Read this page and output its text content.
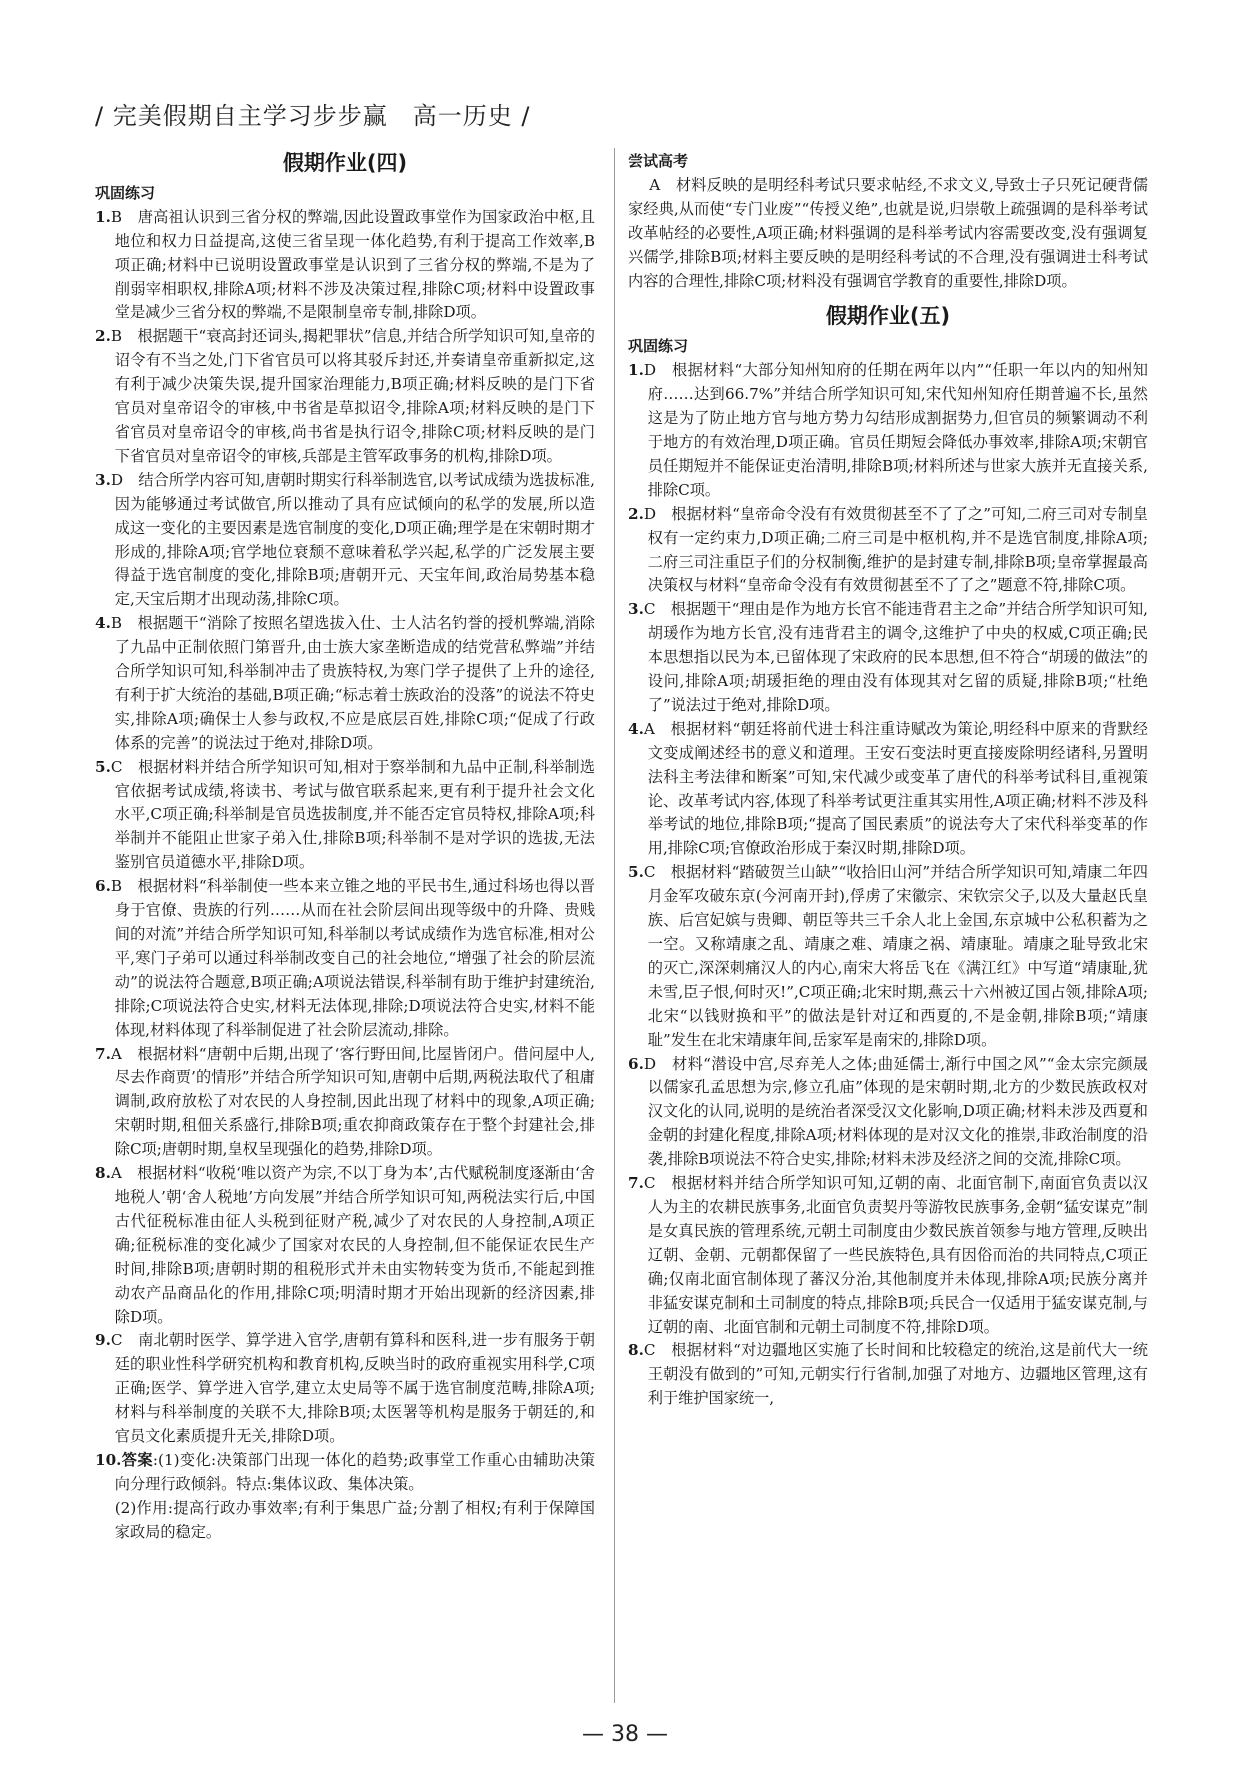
/ 完美假期自主学习步步赢　高一历史 /
假期作业(四)
巩固练习

1.B　唐高祖认识到三省分权的弊端,因此设置政事堂作为国家政治中枢,且地位和权力日益提高,这使三省呈现一体化趋势,有利于提高工作效率,B项正确;材料中已说明设置政事堂是认识到了三省分权的弊端,不是为了削弱宰相职权,排除A项;材料不涉及决策过程,排除C项;材料中设置政事堂是减少三省分权的弊端,不是限制皇帝专制,排除D项。

2.B　根据题干“衰高封还词头,揭耙罪状”信息,并结合所学知识可知,皇帝的诏令有不当之处,门下省官员可以将其驳斥封还,并奏请皇帝重新拟定,这有利于减少决策失误,提升国家治理能力,B项正确;材料反映的是门下省官员对皇帝诏令的审核,中书省是草拟诏令,排除A项;材料反映的是门下省官员对皇帝诏令的审核,尚书省是执行诏令,排除C项;材料反映的是门下省官员对皇帝诏令的审核,兵部是主管军政事务的机构,排除D项。

3.D　结合所学内容可知,唐朝时期实行科举制选官,以考试成绩为选拔标准,因为能够通过考试做官,所以推动了具有应试倾向的私学的发展,所以造成这一变化的主要因素是选官制度的变化,D项正确;理学是在宋朝时期才形成的,排除A项;官学地位衰颓不意味着私学兴起,私学的广泛发展主要得益于选官制度的变化,排除B项;唐朝开元、天宝年间,政治局势基本稳定,天宝后期才出现动荡,排除C项。

4.B　根据题干“消除了按照名望选拔入仕、士人沽名钓誉的授机弊端,消除了九品中正制依照门第晋升,由士族大家垄断造成的结党营私弊端”并结合所学知识可知,科举制冲击了贵族特权,为寒门学子提供了上升的途径,有利于扩大统治的基础,B项正确;“标志着士族政治的没落”的说法不符史实,排除A项;确保士人参与政权,不应是底层百姓,排除C项;“促成了行政体系的完善”的说法过于绝对,排除D项。

5.C　根据材料并结合所学知识可知,相对于察举制和九品中正制,科举制选官依据考试成绩,将读书、考试与做官联系起来,更有利于提升社会文化水平,C项正确;科举制是官员选拔制度,并不能否定官员特权,排除A项;科举制并不能阻止世家子弟入仕,排除B项;科举制不是对学识的选拔,无法鉴别官员道德水平,排除D项。

6.B　根据材料“科举制使一些本来立锥之地的平民书生,通过科场也得以晋身于官僚、贵族的行列……从而在社会阶层间出现等级中的升降、贵贱间的对流”并结合所学知识可知,科举制以考试成绩作为选官标准,相对公平,寒门子弟可以通过科举制改变自己的社会地位,“增强了社会的阶层流动”的说法符合题意,B项正确;A项说法错误,科举制有助于维护封建统治,排除;C项说法符合史实,材料无法体现,排除;D项说法符合史实,材料不能体现,材料体现了科举制促进了社会阶层流动,排除。

7.A　根据材料“唐朝中后期,出现了‘客行野田间,比屋皆闭户。借问屋中人,尽去作商贾’的情形”并结合所学知识可知,唐朝中后期,两税法取代了租庸调制,政府放松了对农民的人身控制,因此出现了材料中的现象,A项正确;宋朝时期,租佃关系盛行,排除B项;重农抑商政策存在于整个封建社会,排除C项;唐朝时期,皇权呈现强化的趋势,排除D项。

8.A　根据材料“收税‘唯以资产为宗,不以丁身为本’,古代赋税制度逐渐由‘舍地税人’朝‘舍人税地’方向发展”并结合所学知识可知,两税法实行后,中国古代征税标准由征人头税到征财产税,减少了对农民的人身控制,A项正确;征税标准的变化减少了国家对农民的人身控制,但不能保证农民生产时间,排除B项;唐朝时期的租税形式并未由实物转变为货币,不能起到推动农产品商品化的作用,排除C项;明清时期才开始出现新的经济因素,排除D项。

9.C　南北朝时医学、算学进入官学,唐朝有算科和医科,进一步有服务于朝廷的职业性科学研究机构和教育机构,反映当时的政府重视实用科学,C项正确;医学、算学进入官学,建立太史局等不属于选官制度范畴,排除A项;材料与科举制度的关联不大,排除B项;太医署等机构是服务于朝廷的,和官员文化素质提升无关,排除D项。

10.答案:(1)变化:决策部门出现一体化的趋势;政事堂工作重心由辅助决策向分理行政倾斜。特点:集体议政、集体决策。

(2)作用:提高行政办事效率;有利于集思广益;分割了相权;有利于保障国家政局的稳定。

尝试高考

A　材料反映的是明经科考试只要求帖经,不求文义,导致士子只死记硬背儒家经典,从而使“专门业废”“传授义绝”,也就是说,归崇敬上疏强调的是科举考试改革帖经的必要性,A项正确;材料强调的是科举考试内容需要改变,没有强调复兴儒学,排除B项;材料主要反映的是明经科考试的不合理,没有强调进士科考试内容的合理性,排除C项;材料没有强调官学教育的重要性,排除D项。

假期作业(五)
巩固练习

1.D　根据材料“大部分知州知府的任期在两年以内”“任职一年以内的知州知府……达到66.7%”并结合所学知识可知,宋代知州知府任期普遍不长,虽然这是为了防止地方官与地方势力勾结形成割据势力,但官员的频繁调动不利于地方的有效治理,D项正确。官员任期短会降低办事效率,排除A项;宋朝官员任期短并不能保证吏治清明,排除B项;材料所述与世家大族并无直接关系,排除C项。

2.D　根据材料“皇帝命令没有有效贯彻甚至不了了之”可知,二府三司对专制皇权有一定约束力,D项正确;二府三司是中枢机构,并不是选官制度,排除A项;二府三司注重臣子们的分权制衡,维护的是封建专制,排除B项;皇帝掌握最高决策权与材料“皇帝命令没有有效贯彻甚至不了了之”题意不符,排除C项。

3.C　根据题干“理由是作为地方长官不能违背君主之命”并结合所学知识可知,胡瑗作为地方长官,没有违背君主的调令,这维护了中央的权威,C项正确;民本思想指以民为本,已留体现了宋政府的民本思想,但不符合“胡瑗的做法”的设问,排除A项;胡瑗拒绝的理由没有体现其对乞留的质疑,排除B项;“杜绝了”说法过于绝对,排除D项。

4.A　根据材料“朝廷将前代进士科注重诗赋改为策论,明经科中原来的背默经文变成阐述经书的意义和道理。王安石变法时更直接废除明经诸科,另置明法科主考法律和断案”可知,宋代减少或变革了唐代的科举考试科目,重视策论、改革考试内容,体现了科举考试更注重其实用性,A项正确;材料不涉及科举考试的地位,排除B项;“提高了国民素质”的说法夸大了宋代科举变革的作用,排除C项;官僚政治形成于秦汉时期,排除D项。

5.C　根据材料“踏破贺兰山缺”“收拾旧山河”并结合所学知识可知,靖康二年四月金军攻破东京(今河南开封),俘虏了宋徽宗、宋钦宗父子,以及大量赵氏皇族、后宫妃嫔与贵卿、朝臣等共三千余人北上金国,东京城中公私积蓄为之一空。又称靖康之乱、靖康之难、靖康之祸、靖康耻。靖康之耻导致北宋的灭亡,深深刺痛汉人的内心,南宋大将岳飞在《满江红》中写道“靖康耻,犹未雪,臣子恨,何时灭!”,C项正确;北宋时期,燕云十六州被辽国占领,排除A项;北宋“以钱财换和平”的做法是针对辽和西夏的,不是金朝,排除B项;“靖康耻”发生在北宋靖康年间,岳家军是南宋的,排除D项。

6.D　材料“潜设中宫,尽弃羌人之体;曲延儒士,渐行中国之风”“金太宗完颜晟以儒家孔孟思想为宗,修立孔庙”体现的是宋朝时期,北方的少数民族政权对汉文化的认同,说明的是统治者深受汉文化影响,D项正确;材料未涉及西夏和金朝的封建化程度,排除A项;材料体现的是对汉文化的推崇,非政治制度的沿袭,排除B项说法不符合史实,排除;材料未涉及经济之间的交流,排除C项。

7.C　根据材料并结合所学知识可知,辽朝的南、北面官制下,南面官负责以汉人为主的农耕民族事务,北面官负责契丹等游牧民族事务,金朝“猛安谋克”制是女真民族的管理系统,元朝土司制度由少数民族首领参与地方管理,反映出辽朝、金朝、元朝都保留了一些民族特色,具有因俗而治的共同特点,C项正确;仅南北面官制体现了蕃汉分治,其他制度并未体现,排除A项;民族分离并非猛安谋克制和土司制度的特点,排除B项;兵民合一仅适用于猛安谋克制,与辽朝的南、北面官制和元朝土司制度不符,排除D项。

8.C　根据材料“对边疆地区实施了长时间和比较稳定的统治,这是前代大一统王朝没有做到的”可知,元朝实行行省制,加强了对地方、边疆地区管理,这有利于维护国家统一,

— 38 —
